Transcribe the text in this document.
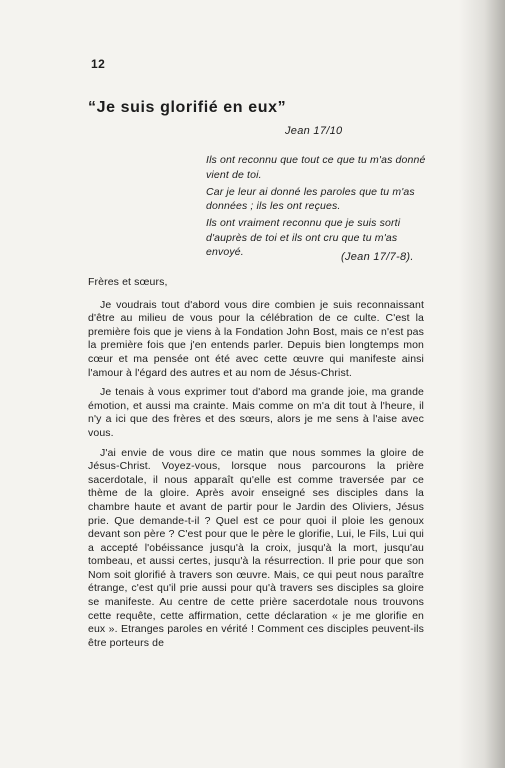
12
“Je suis glorifié en eux”
Jean 17/10

Ils ont reconnu que tout ce que tu m'as donné vient de toi.

Car je leur ai donné les paroles que tu m'as données ; ils les ont reçues.

Ils ont vraiment reconnu que je suis sorti d'auprès de toi et ils ont cru que tu m'as envoyé.	(Jean 17/7-8).

Frères et sœurs,

Je voudrais tout d'abord vous dire combien je suis reconnaissant d'être au milieu de vous pour la célébration de ce culte. C'est la première fois que je viens à la Fondation John Bost, mais ce n'est pas la première fois que j'en entends parler. Depuis bien longtemps mon cœur et ma pensée ont été avec cette œuvre qui manifeste ainsi l'amour à l'égard des autres et au nom de Jésus-Christ.

Je tenais à vous exprimer tout d'abord ma grande joie, ma grande émotion, et aussi ma crainte. Mais comme on m'a dit tout à l'heure, il n'y a ici que des frères et des sœurs, alors je me sens à l'aise avec vous.

J'ai envie de vous dire ce matin que nous sommes la gloire de Jésus-Christ. Voyez-vous, lorsque nous parcourons la prière sacerdotale, il nous apparaît qu'elle est comme traversée par ce thème de la gloire. Après avoir enseigné ses disciples dans la chambre haute et avant de partir pour le Jardin des Oliviers, Jésus prie. Que demande-t-il ? Quel est ce pour quoi il ploie les genoux devant son père ? C'est pour que le père le glorifie, Lui, le Fils, Lui qui a accepté l'obéissance jusqu'à la croix, jusqu'à la mort, jusqu'au tombeau, et aussi certes, jusqu'à la résurrection. Il prie pour que son Nom soit glorifié à travers son œuvre. Mais, ce qui peut nous paraître étrange, c'est qu'il prie aussi pour qu'à travers ses disciples sa gloire se manifeste. Au centre de cette prière sacerdotale nous trouvons cette requête, cette affirmation, cette déclaration « je me glorifie en eux ». Etranges paroles en vérité ! Comment ces disciples peuvent-ils être porteurs de
